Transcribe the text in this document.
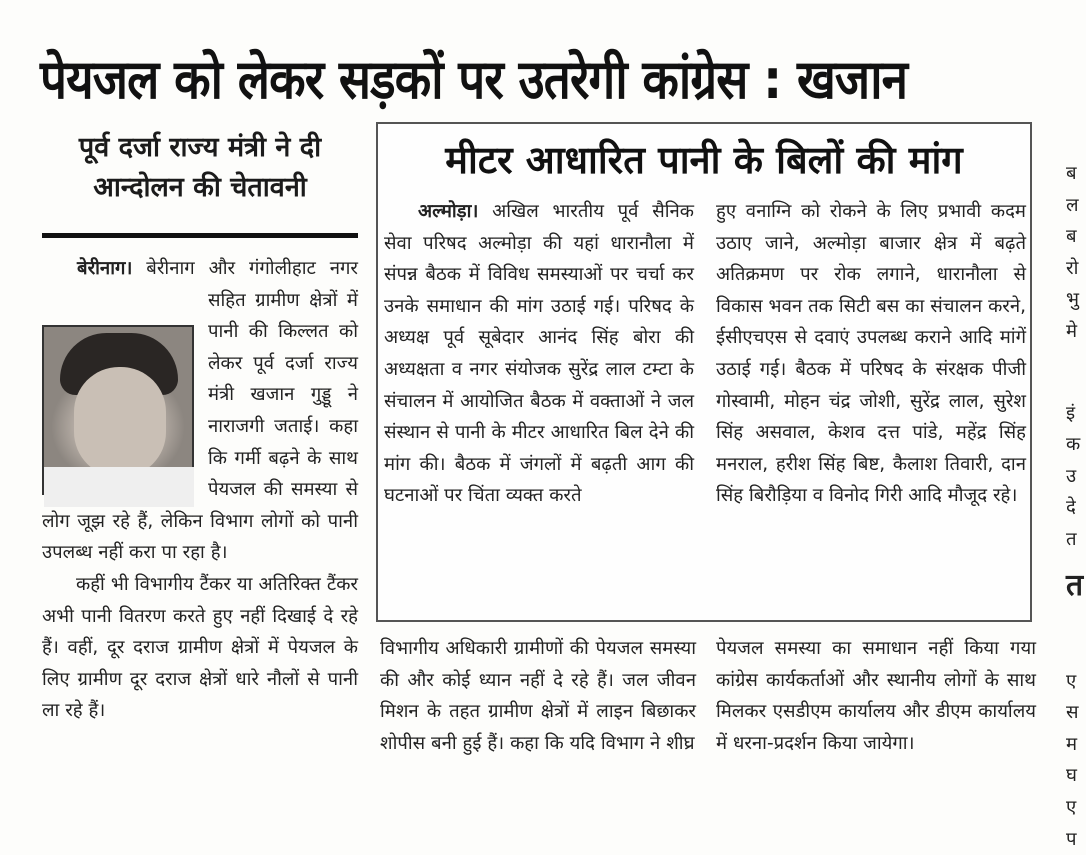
पेयजल को लेकर सड़कों पर उतरेगी कांग्रेस : खजान
पूर्व दर्जा राज्य मंत्री ने दी आन्दोलन की चेतावनी

बेरीनाग। बेरीनाग और गंगोलीहाट नगर सहित ग्रामीण क्षेत्रों में पानी की किल्लत को लेकर पूर्व दर्जा राज्य मंत्री खजान गुड्डू ने नाराजगी जताई। कहा कि गर्मी बढ़ने के साथ पेयजल की समस्या से लोग जूझ रहे हैं, लेकिन विभाग लोगों को पानी उपलब्ध नहीं करा पा रहा है।

कहीं भी विभागीय टैंकर या अतिरिक्त टैंकर अभी पानी वितरण करते हुए नहीं दिखाई दे रहे हैं। वहीं, दूर दराज ग्रामीण क्षेत्रों में पेयजल के लिए ग्रामीण दूर दराज क्षेत्रों धारे नौलों से पानी ला रहे हैं।

मीटर आधारित पानी के बिलों की मांग

अल्मोड़ा। अखिल भारतीय पूर्व सैनिक सेवा परिषद अल्मोड़ा की यहां धारानौला में संपन्न बैठक में विविध समस्याओं पर चर्चा कर उनके समाधान की मांग उठाई गई। परिषद के अध्यक्ष पूर्व सूबेदार आनंद सिंह बोरा की अध्यक्षता व नगर संयोजक सुरेंद्र लाल टम्टा के संचालन में आयोजित बैठक में वक्ताओं ने जल संस्थान से पानी के मीटर आधारित बिल देने की मांग की। बैठक में जंगलों में बढ़ती आग की घटनाओं पर चिंता व्यक्त करते

हुए वनाग्नि को रोकने के लिए प्रभावी कदम उठाए जाने, अल्मोड़ा बाजार क्षेत्र में बढ़ते अतिक्रमण पर रोक लगाने, धारानौला से विकास भवन तक सिटी बस का संचालन करने, ईसीएचएस से दवाएं उपलब्ध कराने आदि मांगें उठाई गई। बैठक में परिषद के संरक्षक पीजी गोस्वामी, मोहन चंद्र जोशी, सुरेंद्र लाल, सुरेश सिंह असवाल, केशव दत्त पांडे, महेंद्र सिंह मनराल, हरीश सिंह बिष्ट, कैलाश तिवारी, दान सिंह बिरौड़िया व विनोद गिरी आदि मौजूद रहे।

विभागीय अधिकारी ग्रामीणों की पेयजल समस्या की और कोई ध्यान नहीं दे रहे हैं। जल जीवन मिशन के तहत ग्रामीण क्षेत्रों में लाइन बिछाकर शोपीस बनी हुई हैं। कहा कि यदि विभाग ने शीघ्र

पेयजल समस्या का समाधान नहीं किया गया कांग्रेस कार्यकर्ताओं और स्थानीय लोगों के साथ मिलकर एसडीएम कार्यालय और डीएम कार्यालय में धरना-प्रदर्शन किया जायेगा।

ब
ल
ब
रो
भु
मे
इं
क
उ
दे
त
त
ए
स
म
घ
ए
प
